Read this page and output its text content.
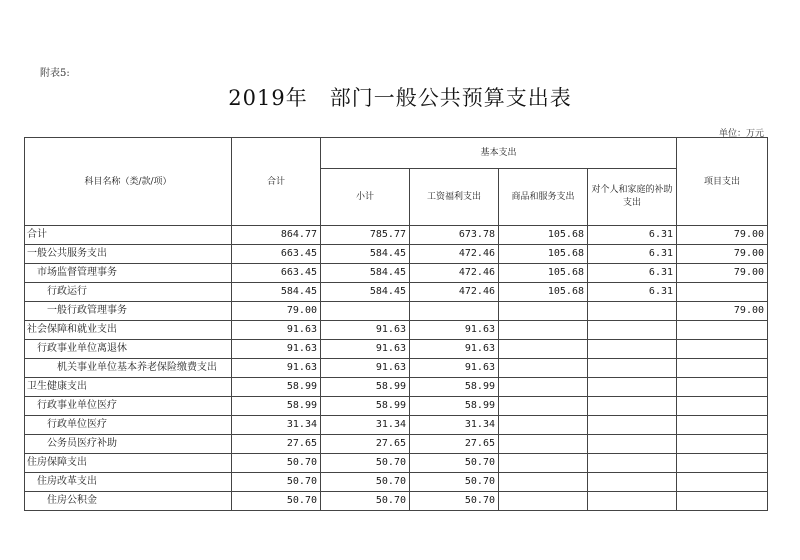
附表5:
2019年 部门一般公共预算支出表
单位：万元
科目名称（类/款/项）	合计	基本支出				项目支出
		小计	工资福利支出	商品和服务支出	对个人和家庭的补助支出	
合计	864.77	785.77	673.78	105.68	6.31	79.00
一般公共服务支出	663.45	584.45	472.46	105.68	6.31	79.00
市场监督管理事务	663.45	584.45	472.46	105.68	6.31	79.00
行政运行	584.45	584.45	472.46	105.68	6.31	
一般行政管理事务	79.00					79.00
社会保障和就业支出	91.63	91.63	91.63			
行政事业单位离退休	91.63	91.63	91.63			
机关事业单位基本养老保险缴费支出	91.63	91.63	91.63			
卫生健康支出	58.99	58.99	58.99			
行政事业单位医疗	58.99	58.99	58.99			
行政单位医疗	31.34	31.34	31.34			
公务员医疗补助	27.65	27.65	27.65			
住房保障支出	50.70	50.70	50.70			
住房改革支出	50.70	50.70	50.70			
住房公积金	50.70	50.70	50.70			
